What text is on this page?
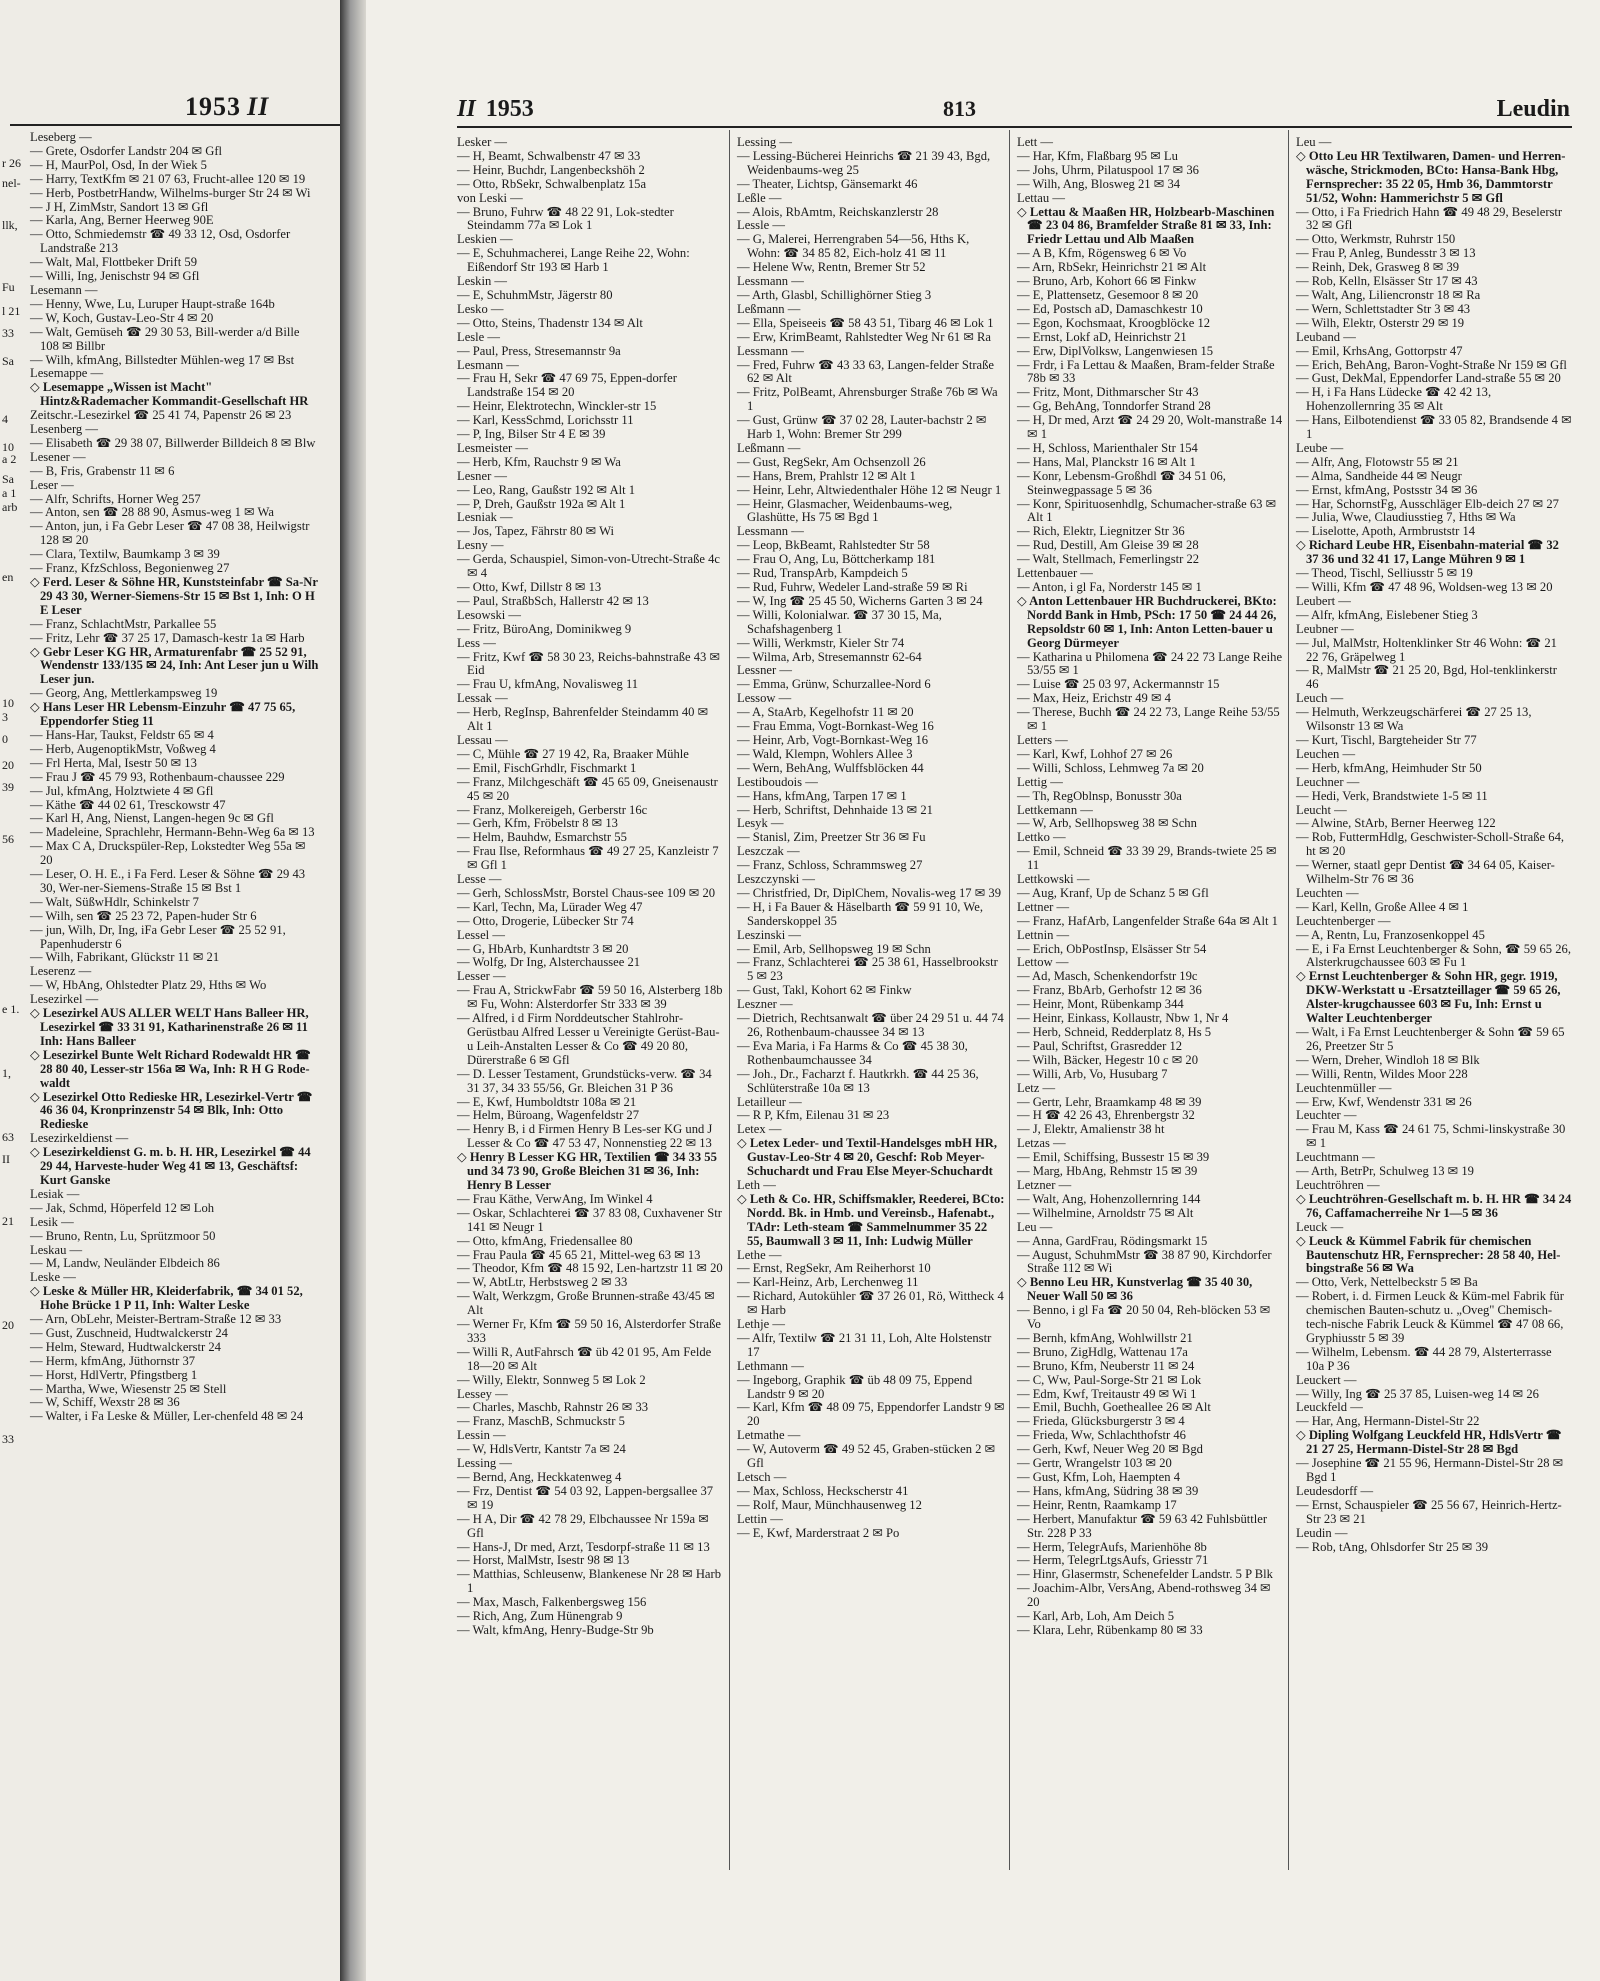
1953 II
r 26
nel-
llk,
Fu
l 21
33
Sa
4
10
a 2
Sa
a 1
arb
en
10
3
0
20
39
56
e 1.
1,
63
II
21
20
33
Leseberg —
— Grete, Osdorfer Landstr 204 ✉ Gfl
— H, MaurPol, Osd, In der Wiek 5
— Harry, TextKfm ✉ 21 07 63, Frucht-allee 120 ✉ 19
— Herb, PostbetrHandw, Wilhelms-burger Str 24 ✉ Wi
— J H, ZimMstr, Sandort 13 ✉ Gfl
— Karla, Ang, Berner Heerweg 90E
— Otto, Schmiedemstr ☎ 49 33 12, Osd, Osdorfer Landstraße 213
— Walt, Mal, Flottbeker Drift 59
— Willi, Ing, Jenischstr 94 ✉ Gfl
Lesemann —
— Henny, Wwe, Lu, Luruper Haupt-straße 164b
— W, Koch, Gustav-Leo-Str 4 ✉ 20
— Walt, Gemüseh ☎ 29 30 53, Bill-werder a/d Bille 108 ✉ Billbr
— Wilh, kfmAng, Billstedter Mühlen-weg 17 ✉ Bst
Lesemappe —
◇ Lesemappe „Wissen ist Macht" Hintz&Rademacher Kommandit-Gesellschaft HR
Zeitschr.-Lesezirkel ☎ 25 41 74, Papenstr 26 ✉ 23
Lesenberg —
— Elisabeth ☎ 29 38 07, Billwerder Billdeich 8 ✉ Blw
Lesener —
— B, Fris, Grabenstr 11 ✉ 6
Leser —
— Alfr, Schrifts, Horner Weg 257
— Anton, sen ☎ 28 88 90, Asmus-weg 1 ✉ Wa
— Anton, jun, i Fa Gebr Leser ☎ 47 08 38, Heilwigstr 128 ✉ 20
— Clara, Textilw, Baumkamp 3 ✉ 39
— Franz, KfzSchloss, Begonienweg 27
◇ Ferd. Leser & Söhne HR, Kunststeinfabr ☎ Sa-Nr 29 43 30, Werner-Siemens-Str 15 ✉ Bst 1, Inh: O H E Leser
— Franz, SchlachtMstr, Parkallee 55
— Fritz, Lehr ☎ 37 25 17, Damasch-kestr 1a ✉ Harb
◇ Gebr Leser KG HR, Armaturenfabr ☎ 25 52 91, Wendenstr 133/135 ✉ 24, Inh: Ant Leser jun u Wilh Leser jun.
— Georg, Ang, Mettlerkampsweg 19
◇ Hans Leser HR Lebensm-Einzuhr ☎ 47 75 65, Eppendorfer Stieg 11
— Hans-Har, Taukst, Feldstr 65 ✉ 4
— Herb, AugenoptikMstr, Voßweg 4
— Frl Herta, Mal, Isestr 50 ✉ 13
— Frau J ☎ 45 79 93, Rothenbaum-chaussee 229
— Jul, kfmAng, Holztwiete 4 ✉ Gfl
— Käthe ☎ 44 02 61, Tresckowstr 47
— Karl H, Ang, Nienst, Langen-hegen 9c ✉ Gfl
— Madeleine, Sprachlehr, Hermann-Behn-Weg 6a ✉ 13
— Max C A, Druckspüler-Rep, Lokstedter Weg 55a ✉ 20
— Leser, O. H. E., i Fa Ferd. Leser & Söhne ☎ 29 43 30, Wer-ner-Siemens-Straße 15 ✉ Bst 1
— Walt, SüßwHdlr, Schinkelstr 7
— Wilh, sen ☎ 25 23 72, Papen-huder Str 6
— jun, Wilh, Dr, Ing, iFa Gebr Leser ☎ 25 52 91, Papenhuderstr 6
— Wilh, Fabrikant, Glückstr 11 ✉ 21
Leserenz —
— W, HbAng, Ohlstedter Platz 29, Hths ✉ Wo
Lesezirkel —
◇ Lesezirkel AUS ALLER WELT Hans Balleer HR, Lesezirkel ☎ 33 31 91, Katharinenstraße 26 ✉ 11 Inh: Hans Balleer
◇ Lesezirkel Bunte Welt Richard Rodewaldt HR ☎ 28 80 40, Lesser-str 156a ✉ Wa, Inh: R H G Rode-waldt
◇ Lesezirkel Otto Redieske HR, Lesezirkel-Vertr ☎ 46 36 04, Kronprinzenstr 54 ✉ Blk, Inh: Otto Redieske
Lesezirkeldienst —
◇ Lesezirkeldienst G. m. b. H. HR, Lesezirkel ☎ 44 29 44, Harveste-huder Weg 41 ✉ 13, Geschäftsf: Kurt Ganske
Lesiak —
— Jak, Schmd, Höperfeld 12 ✉ Loh
Lesik —
— Bruno, Rentn, Lu, Sprützmoor 50
Leskau —
— M, Landw, Neuländer Elbdeich 86
Leske —
◇ Leske & Müller HR, Kleiderfabrik, ☎ 34 01 52, Hohe Brücke 1 P 11, Inh: Walter Leske
— Arn, ObLehr, Meister-Bertram-Straße 12 ✉ 33
— Gust, Zuschneid, Hudtwalckerstr 24
— Helm, Steward, Hudtwalckerstr 24
— Herm, kfmAng, Jüthornstr 37
— Horst, HdlVertr, Pfingstberg 1
— Martha, Wwe, Wiesenstr 25 ✉ Stell
— W, Schiff, Wexstr 28 ✉ 36
— Walter, i Fa Leske & Müller, Ler-chenfeld 48 ✉ 24
II 1953	813	Leudin
Lesker —
— H, Beamt, Schwalbenstr 47 ✉ 33
— Heinr, Buchdr, Langenbeckshöh 2
— Otto, RbSekr, Schwalbenplatz 15a
von Leski —
— Bruno, Fuhrw ☎ 48 22 91, Lok-stedter Steindamm 77a ✉ Lok 1
Leskien —
— E, Schuhmacherei, Lange Reihe 22, Wohn: Eißendorf Str 193 ✉ Harb 1
Leskin —
— E, SchuhmMstr, Jägerstr 80
Lesko —
— Otto, Steins, Thadenstr 134 ✉ Alt
Lesle —
— Paul, Press, Stresemannstr 9a
Lesmann —
— Frau H, Sekr ☎ 47 69 75, Eppen-dorfer Landstraße 154 ✉ 20
— Heinr, Elektrotechn, Winckler-str 15
— Karl, KessSchmd, Lorichsstr 11
— P, Ing, Bilser Str 4 E ✉ 39
Lesmeister —
— Herb, Kfm, Rauchstr 9 ✉ Wa
Lesner —
— Leo, Rang, Gaußstr 192 ✉ Alt 1
— P, Dreh, Gaußstr 192a ✉ Alt 1
Lesniak —
— Jos, Tapez, Fährstr 80 ✉ Wi
Lesny —
— Gerda, Schauspiel, Simon-von-Utrecht-Straße 4c ✉ 4
— Otto, Kwf, Dillstr 8 ✉ 13
— Paul, StraßbSch, Hallerstr 42 ✉ 13
Lesowski —
— Fritz, BüroAng, Dominikweg 9
Less —
— Fritz, Kwf ☎ 58 30 23, Reichs-bahnstraße 43 ✉ Eid
— Frau U, kfmAng, Novalisweg 11
Lessak —
— Herb, RegInsp, Bahrenfelder Steindamm 40 ✉ Alt 1
Lessau —
— C, Mühle ☎ 27 19 42, Ra, Braaker Mühle
— Emil, FischGrhdlr, Fischmarkt 1
— Franz, Milchgeschäft ☎ 45 65 09, Gneisenaustr 45 ✉ 20
— Franz, Molkereigeh, Gerberstr 16c
— Gerh, Kfm, Fröbelstr 8 ✉ 13
— Helm, Bauhdw, Esmarchstr 55
— Frau Ilse, Reformhaus ☎ 49 27 25, Kanzleistr 7 ✉ Gfl 1
Lesse —
— Gerh, SchlossMstr, Borstel Chaus-see 109 ✉ 20
— Karl, Techn, Ma, Lürader Weg 47
— Otto, Drogerie, Lübecker Str 74
Lessel —
— G, HbArb, Kunhardtstr 3 ✉ 20
— Wolfg, Dr Ing, Alsterchaussee 21
Lesser —
— Frau A, StrickwFabr ☎ 59 50 16, Alsterberg 18b ✉ Fu, Wohn: Alsterdorfer Str 333 ✉ 39
— Alfred, i d Firm Norddeutscher Stahlrohr-Gerüstbau Alfred Lesser u Vereinigte Gerüst-Bau- u Leih-Anstalten Lesser & Co ☎ 49 20 80, Dürerstraße 6 ✉ Gfl
— D. Lesser Testament, Grundstücks-verw. ☎ 34 31 37, 34 33 55/56, Gr. Bleichen 31 P 36
— E, Kwf, Humboldtstr 108a ✉ 21
— Helm, Büroang, Wagenfeldstr 27
— Henry B, i d Firmen Henry B Les-ser KG und J Lesser & Co ☎ 47 53 47, Nonnenstieg 22 ✉ 13
◇ Henry B Lesser KG HR, Textilien ☎ 34 33 55 und 34 73 90, Große Bleichen 31 ✉ 36, Inh: Henry B Lesser
— Frau Käthe, VerwAng, Im Winkel 4
— Oskar, Schlachterei ☎ 37 83 08, Cuxhavener Str 141 ✉ Neugr 1
— Otto, kfmAng, Friedensallee 80
— Frau Paula ☎ 45 65 21, Mittel-weg 63 ✉ 13
— Theodor, Kfm ☎ 48 15 92, Len-hartzstr 11 ✉ 20
— W, AbtLtr, Herbstsweg 2 ✉ 33
— Walt, Werkzgm, Große Brunnen-straße 43/45 ✉ Alt
— Werner Fr, Kfm ☎ 59 50 16, Alsterdorfer Straße 333
— Willi R, AutFahrsch ☎ üb 42 01 95, Am Felde 18—20 ✉ Alt
— Willy, Elektr, Sonnweg 5 ✉ Lok 2
Lessey —
— Charles, Maschb, Rahnstr 26 ✉ 33
— Franz, MaschB, Schmuckstr 5
Lessin —
— W, HdlsVertr, Kantstr 7a ✉ 24
Lessing —
— Bernd, Ang, Heckkatenweg 4
— Frz, Dentist ☎ 54 03 92, Lappen-bergsallee 37 ✉ 19
— H A, Dir ☎ 42 78 29, Elbchaussee Nr 159a ✉ Gfl
— Hans-J, Dr med, Arzt, Tesdorpf-straße 11 ✉ 13
— Horst, MalMstr, Isestr 98 ✉ 13
— Matthias, Schleusenw, Blankenese Nr 28 ✉ Harb 1
— Max, Masch, Falkenbergsweg 156
— Rich, Ang, Zum Hünengrab 9
— Walt, kfmAng, Henry-Budge-Str 9b
Lessing —
— Lessing-Bücherei Heinrichs ☎ 21 39 43, Bgd, Weidenbaums-weg 25
— Theater, Lichtsp, Gänsemarkt 46
Leßle —
— Alois, RbAmtm, Reichskanzlerstr 28
Lessle —
— G, Malerei, Herrengraben 54—56, Hths K, Wohn: ☎ 34 85 82, Eich-holz 41 ✉ 11
— Helene Ww, Rentn, Bremer Str 52
Lessmann —
— Arth, Glasbl, Schillighörner Stieg 3
Leßmann —
— Ella, Speiseeis ☎ 58 43 51, Tibarg 46 ✉ Lok 1
— Erw, KrimBeamt, Rahlstedter Weg Nr 61 ✉ Ra
Lessmann —
— Fred, Fuhrw ☎ 43 33 63, Langen-felder Straße 62 ✉ Alt
— Fritz, PolBeamt, Ahrensburger Straße 76b ✉ Wa 1
— Gust, Grünw ☎ 37 02 28, Lauter-bachstr 2 ✉ Harb 1, Wohn: Bremer Str 299
Leßmann —
— Gust, RegSekr, Am Ochsenzoll 26
— Hans, Brem, Prahlstr 12 ✉ Alt 1
— Heinr, Lehr, Altwiedenthaler Höhe 12 ✉ Neugr 1
— Heinr, Glasmacher, Weidenbaums-weg, Glashütte, Hs 75 ✉ Bgd 1
Lessmann —
— Leop, BkBeamt, Rahlstedter Str 58
— Frau O, Ang, Lu, Böttcherkamp 181
— Rud, TranspArb, Kampdeich 5
— Rud, Fuhrw, Wedeler Land-straße 59 ✉ Ri
— W, Ing ☎ 25 45 50, Wicherns Garten 3 ✉ 24
— Willi, Kolonialwar. ☎ 37 30 15, Ma, Schafshagenberg 1
— Willi, Werkmstr, Kieler Str 74
— Wilma, Arb, Stresemannstr 62-64
Lessner —
— Emma, Grünw, Schurzallee-Nord 6
Lessow —
— A, StaArb, Kegelhofstr 11 ✉ 20
— Frau Emma, Vogt-Bornkast-Weg 16
— Heinr, Arb, Vogt-Bornkast-Weg 16
— Wald, Klempn, Wohlers Allee 3
— Wern, BehAng, Wulffsblöcken 44
Lestiboudois —
— Hans, kfmAng, Tarpen 17 ✉ 1
— Herb, Schriftst, Dehnhaide 13 ✉ 21
Lesyk —
— Stanisl, Zim, Preetzer Str 36 ✉ Fu
Leszczak —
— Franz, Schloss, Schrammsweg 27
Leszczynski —
— Christfried, Dr, DiplChem, Novalis-weg 17 ✉ 39
— H, i Fa Bauer & Häselbarth ☎ 59 91 10, We, Sanderskoppel 35
Leszinski —
— Emil, Arb, Sellhopsweg 19 ✉ Schn
— Franz, Schlachterei ☎ 25 38 61, Hasselbrookstr 5 ✉ 23
— Gust, Takl, Kohort 62 ✉ Finkw
Leszner —
— Dietrich, Rechtsanwalt ☎ über 24 29 51 u. 44 74 26, Rothenbaum-chaussee 34 ✉ 13
— Eva Maria, i Fa Harms & Co ☎ 45 38 30, Rothenbaumchaussee 34
— Joh., Dr., Facharzt f. Hautkrkh. ☎ 44 25 36, Schlüterstraße 10a ✉ 13
Letailleur —
— R P, Kfm, Eilenau 31 ✉ 23
Letex —
◇ Letex Leder- und Textil-Handelsges mbH HR, Gustav-Leo-Str 4 ✉ 20, Geschf: Rob Meyer-Schuchardt und Frau Else Meyer-Schuchardt
Leth —
◇ Leth & Co. HR, Schiffsmakler, Reederei, BCto: Nordd. Bk. in Hmb. und Vereinsb., Hafenabt., TAdr: Leth-steam ☎ Sammelnummer 35 22 55, Baumwall 3 ✉ 11, Inh: Ludwig Müller
Lethe —
— Ernst, RegSekr, Am Reiherhorst 10
— Karl-Heinz, Arb, Lerchenweg 11
— Richard, Autokühler ☎ 37 26 01, Rö, Wittheck 4 ✉ Harb
Lethje —
— Alfr, Textilw ☎ 21 31 11, Loh, Alte Holstenstr 17
Lethmann —
— Ingeborg, Graphik ☎ üb 48 09 75, Eppend Landstr 9 ✉ 20
— Karl, Kfm ☎ 48 09 75, Eppendorfer Landstr 9 ✉ 20
Letmathe —
— W, Autoverm ☎ 49 52 45, Graben-stücken 2 ✉ Gfl
Letsch —
— Max, Schloss, Heckscherstr 41
— Rolf, Maur, Münchhausenweg 12
Lettin —
— E, Kwf, Marderstraat 2 ✉ Po
Lett —
— Har, Kfm, Flaßbarg 95 ✉ Lu
— Johs, Uhrm, Pilatuspool 17 ✉ 36
— Wilh, Ang, Blosweg 21 ✉ 34
Lettau —
◇ Lettau & Maaßen HR, Holzbearb-Maschinen ☎ 23 04 86, Bramfelder Straße 81 ✉ 33, Inh: Friedr Lettau und Alb Maaßen
— A B, Kfm, Rögensweg 6 ✉ Vo
— Arn, RbSekr, Heinrichstr 21 ✉ Alt
— Bruno, Arb, Kohort 66 ✉ Finkw
— E, Plattensetz, Gesemoor 8 ✉ 20
— Ed, Postsch aD, Damaschkestr 10
— Egon, Kochsmaat, Kroogblöcke 12
— Ernst, Lokf aD, Heinrichstr 21
— Erw, DiplVolksw, Langenwiesen 15
— Frdr, i Fa Lettau & Maaßen, Bram-felder Straße 78b ✉ 33
— Fritz, Mont, Dithmarscher Str 43
— Gg, BehAng, Tonndorfer Strand 28
— H, Dr med, Arzt ☎ 24 29 20, Wolt-manstraße 14 ✉ 1
— H, Schloss, Marienthaler Str 154
— Hans, Mal, Planckstr 16 ✉ Alt 1
— Konr, Lebensm-Großhdl ☎ 34 51 06, Steinwegpassage 5 ✉ 36
— Konr, Spirituosenhdlg, Schumacher-straße 63 ✉ Alt 1
— Rich, Elektr, Liegnitzer Str 36
— Rud, Destill, Am Gleise 39 ✉ 28
— Walt, Stellmach, Femerlingstr 22
Lettenbauer —
— Anton, i gl Fa, Norderstr 145 ✉ 1
◇ Anton Lettenbauer HR Buchdruckerei, BKto: Nordd Bank in Hmb, PSch: 17 50 ☎ 24 44 26, Repsoldstr 60 ✉ 1, Inh: Anton Letten-bauer u Georg Dürmeyer
— Katharina u Philomena ☎ 24 22 73 Lange Reihe 53/55 ✉ 1
— Luise ☎ 25 03 97, Ackermannstr 15
— Max, Heiz, Erichstr 49 ✉ 4
— Therese, Buchh ☎ 24 22 73, Lange Reihe 53/55 ✉ 1
Letters —
— Karl, Kwf, Lohhof 27 ✉ 26
— Willi, Schloss, Lehmweg 7a ✉ 20
Lettig —
— Th, RegOblnsp, Bonusstr 30a
Lettkemann —
— W, Arb, Sellhopsweg 38 ✉ Schn
Lettko —
— Emil, Schneid ☎ 33 39 29, Brands-twiete 25 ✉ 11
Lettkowski —
— Aug, Kranf, Up de Schanz 5 ✉ Gfl
Lettner —
— Franz, HafArb, Langenfelder Straße 64a ✉ Alt 1
Lettnin —
— Erich, ObPostInsp, Elsässer Str 54
Lettow —
— Ad, Masch, Schenkendorfstr 19c
— Franz, BbArb, Gerhofstr 12 ✉ 36
— Heinr, Mont, Rübenkamp 344
— Heinr, Einkass, Kollaustr, Nbw 1, Nr 4
— Herb, Schneid, Redderplatz 8, Hs 5
— Paul, Schriftst, Grasredder 12
— Wilh, Bäcker, Hegestr 10 c ✉ 20
— Willi, Arb, Vo, Husubarg 7
Letz —
— Gertr, Lehr, Braamkamp 48 ✉ 39
— H ☎ 42 26 43, Ehrenbergstr 32
— J, Elektr, Amalienstr 38 ht
Letzas —
— Emil, Schiffsing, Bussestr 15 ✉ 39
— Marg, HbAng, Rehmstr 15 ✉ 39
Letzner —
— Walt, Ang, Hohenzollernring 144
— Wilhelmine, Arnoldstr 75 ✉ Alt
Leu —
— Anna, GardFrau, Rödingsmarkt 15
— August, SchuhmMstr ☎ 38 87 90, Kirchdorfer Straße 112 ✉ Wi
◇ Benno Leu HR, Kunstverlag ☎ 35 40 30, Neuer Wall 50 ✉ 36
— Benno, i gl Fa ☎ 20 50 04, Reh-blöcken 53 ✉ Vo
— Bernh, kfmAng, Wohlwillstr 21
— Bruno, ZigHdlg, Wattenau 17a
— Bruno, Kfm, Neuberstr 11 ✉ 24
— C, Ww, Paul-Sorge-Str 21 ✉ Lok
— Edm, Kwf, Treitaustr 49 ✉ Wi 1
— Emil, Buchh, Goetheallee 26 ✉ Alt
— Frieda, Glücksburgerstr 3 ✉ 4
— Frieda, Ww, Schlachthofstr 46
— Gerh, Kwf, Neuer Weg 20 ✉ Bgd
— Gertr, Wrangelstr 103 ✉ 20
— Gust, Kfm, Loh, Haempten 4
— Hans, kfmAng, Südring 38 ✉ 39
— Heinr, Rentn, Raamkamp 17
— Herbert, Manufaktur ☎ 59 63 42 Fuhlsbüttler Str. 228 P 33
— Herm, TelegrAufs, Marienhöhe 8b
— Herm, TelegrLtgsAufs, Griesstr 71
— Hinr, Glasermstr, Schenefelder Landstr. 5 P Blk
— Joachim-Albr, VersAng, Abend-rothsweg 34 ✉ 20
— Karl, Arb, Loh, Am Deich 5
— Klara, Lehr, Rübenkamp 80 ✉ 33
Leu —
◇ Otto Leu HR Textilwaren, Damen- und Herren-wäsche, Strickmoden, BCto: Hansa-Bank Hbg, Fernsprecher: 35 22 05, Hmb 36, Dammtorstr 51/52, Wohn: Hammerichstr 5 ✉ Gfl
— Otto, i Fa Friedrich Hahn ☎ 49 48 29, Beselerstr 32 ✉ Gfl
— Otto, Werkmstr, Ruhrstr 150
— Frau P, Anleg, Bundesstr 3 ✉ 13
— Reinh, Dek, Grasweg 8 ✉ 39
— Rob, Kelln, Elsässer Str 17 ✉ 43
— Walt, Ang, Liliencronstr 18 ✉ Ra
— Wern, Schlettstadter Str 3 ✉ 43
— Wilh, Elektr, Osterstr 29 ✉ 19
Leuband —
— Emil, KrhsAng, Gottorpstr 47
— Erich, BehAng, Baron-Voght-Straße Nr 159 ✉ Gfl
— Gust, DekMal, Eppendorfer Land-straße 55 ✉ 20
— H, i Fa Hans Lüdecke ☎ 42 42 13, Hohenzollernring 35 ✉ Alt
— Hans, Eilbotendienst ☎ 33 05 82, Brandsende 4 ✉ 1
Leube —
— Alfr, Ang, Flotowstr 55 ✉ 21
— Alma, Sandheide 44 ✉ Neugr
— Ernst, kfmAng, Postsstr 34 ✉ 36
— Har, SchornstFg, Ausschläger Elb-deich 27 ✉ 27
— Julia, Wwe, Claudiusstieg 7, Hths ✉ Wa
— Liselotte, Apoth, Armbruststr 14
◇ Richard Leube HR, Eisenbahn-material ☎ 32 37 36 und 32 41 17, Lange Mühren 9 ✉ 1
— Theod, Tischl, Selliusstr 5 ✉ 19
— Willi, Kfm ☎ 47 48 96, Woldsen-weg 13 ✉ 20
Leubert —
— Alfr, kfmAng, Eislebener Stieg 3
Leubner —
— Jul, MalMstr, Holtenklinker Str 46 Wohn: ☎ 21 22 76, Gräpelweg 1
— R, MalMstr ☎ 21 25 20, Bgd, Hol-tenklinkerstr 46
Leuch —
— Helmuth, Werkzeugschärferei ☎ 27 25 13, Wilsonstr 13 ✉ Wa
— Kurt, Tischl, Bargteheider Str 77
Leuchen —
— Herb, kfmAng, Heimhuder Str 50
Leuchner —
— Hedi, Verk, Brandstwiete 1-5 ✉ 11
Leucht —
— Alwine, StArb, Berner Heerweg 122
— Rob, FuttermHdlg, Geschwister-Scholl-Straße 64, ht ✉ 20
— Werner, staatl gepr Dentist ☎ 34 64 05, Kaiser-Wilhelm-Str 76 ✉ 36
Leuchten —
— Karl, Kelln, Große Allee 4 ✉ 1
Leuchtenberger —
— A, Rentn, Lu, Franzosenkoppel 45
— E, i Fa Ernst Leuchtenberger & Sohn, ☎ 59 65 26, Alsterkrugchaussee 603 ✉ Fu 1
◇ Ernst Leuchtenberger & Sohn HR, gegr. 1919, DKW-Werkstatt u -Ersatzteillager ☎ 59 65 26, Alster-krugchaussee 603 ✉ Fu, Inh: Ernst u Walter Leuchtenberger
— Walt, i Fa Ernst Leuchtenberger & Sohn ☎ 59 65 26, Preetzer Str 5
— Wern, Dreher, Windloh 18 ✉ Blk
— Willi, Rentn, Wildes Moor 228
Leuchtenmüller —
— Erw, Kwf, Wendenstr 331 ✉ 26
Leuchter —
— Frau M, Kass ☎ 24 61 75, Schmi-linskystraße 30 ✉ 1
Leuchtmann —
— Arth, BetrPr, Schulweg 13 ✉ 19
Leuchtröhren —
◇ Leuchtröhren-Gesellschaft m. b. H. HR ☎ 34 24 76, Caffamacherreihe Nr 1—5 ✉ 36
Leuck —
◇ Leuck & Kümmel Fabrik für chemischen Bautenschutz HR, Fernsprecher: 28 58 40, Hel-bingstraße 56 ✉ Wa
— Otto, Verk, Nettelbeckstr 5 ✉ Ba
— Robert, i. d. Firmen Leuck & Küm-mel Fabrik für chemischen Bauten-schutz u. „Oveg" Chemisch-tech-nische Fabrik Leuck & Kümmel ☎ 47 08 66, Gryphiusstr 5 ✉ 39
— Wilhelm, Lebensm. ☎ 44 28 79, Alsterterrasse 10a P 36
Leuckert —
— Willy, Ing ☎ 25 37 85, Luisen-weg 14 ✉ 26
Leuckfeld —
— Har, Ang, Hermann-Distel-Str 22
◇ Dipling Wolfgang Leuckfeld HR, HdlsVertr ☎ 21 27 25, Hermann-Distel-Str 28 ✉ Bgd
— Josephine ☎ 21 55 96, Hermann-Distel-Str 28 ✉ Bgd 1
Leudesdorff —
— Ernst, Schauspieler ☎ 25 56 67, Heinrich-Hertz-Str 23 ✉ 21
Leudin —
— Rob, tAng, Ohlsdorfer Str 25 ✉ 39
